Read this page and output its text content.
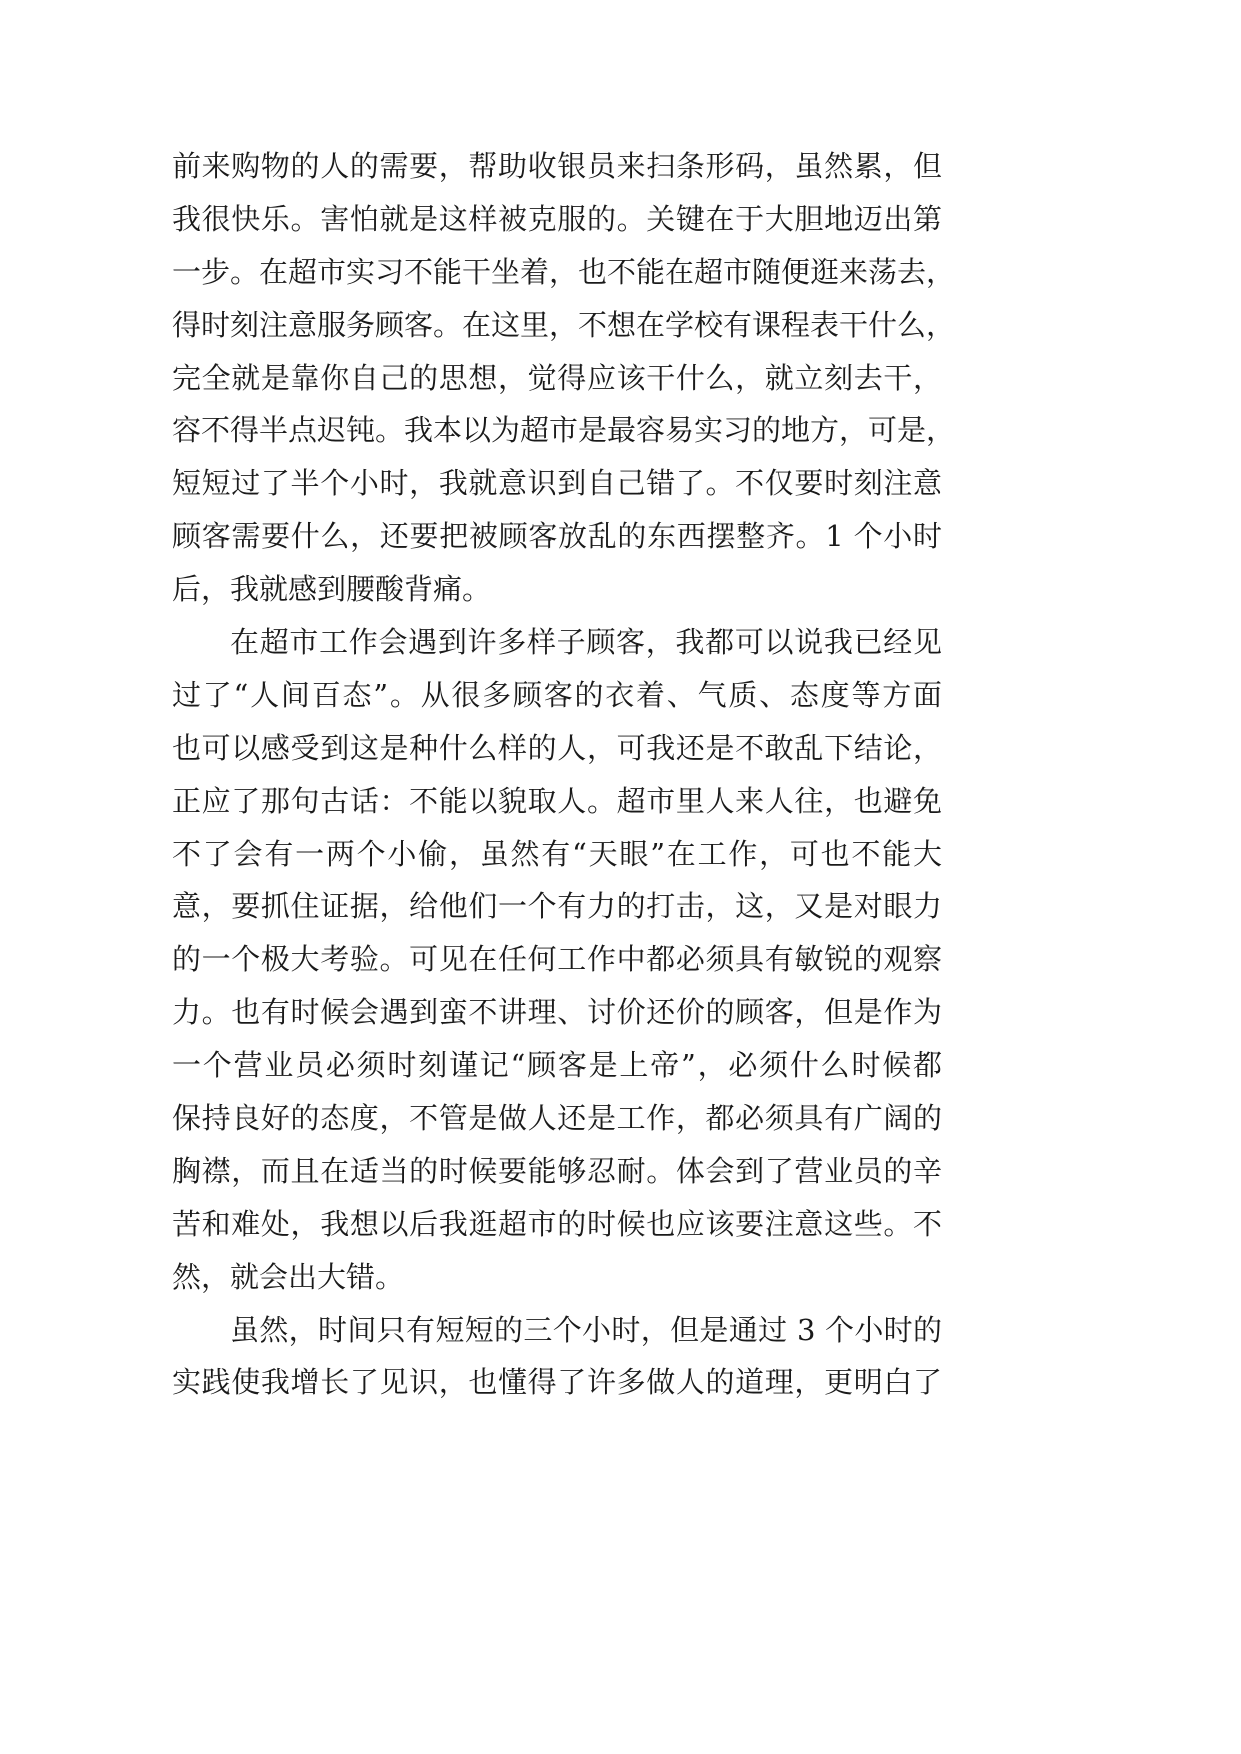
前来购物的人的需要，帮助收银员来扫条形码，虽然累，但
我很快乐。害怕就是这样被克服的。关键在于大胆地迈出第
一步。在超市实习不能干坐着，也不能在超市随便逛来荡去，
得时刻注意服务顾客。在这里，不想在学校有课程表干什么，
完全就是靠你自己的思想，觉得应该干什么，就立刻去干，
容不得半点迟钝。我本以为超市是最容易实习的地方，可是，
短短过了半个小时，我就意识到自己错了。不仅要时刻注意
顾客需要什么，还要把被顾客放乱的东西摆整齐。1 个小时
后，我就感到腰酸背痛。
在超市工作会遇到许多样子顾客，我都可以说我已经见
过了“人间百态”。从很多顾客的衣着、气质、态度等方面
也可以感受到这是种什么样的人，可我还是不敢乱下结论，
正应了那句古话：不能以貌取人。超市里人来人往，也避免
不了会有一两个小偷，虽然有“天眼”在工作，可也不能大
意，要抓住证据，给他们一个有力的打击，这，又是对眼力
的一个极大考验。可见在任何工作中都必须具有敏锐的观察
力。也有时候会遇到蛮不讲理、讨价还价的顾客，但是作为
一个营业员必须时刻谨记“顾客是上帝”，必须什么时候都
保持良好的态度，不管是做人还是工作，都必须具有广阔的
胸襟，而且在适当的时候要能够忍耐。体会到了营业员的辛
苦和难处，我想以后我逛超市的时候也应该要注意这些。不
然，就会出大错。
虽然，时间只有短短的三个小时，但是通过 3 个小时的
实践使我增长了见识，也懂得了许多做人的道理，更明白了
